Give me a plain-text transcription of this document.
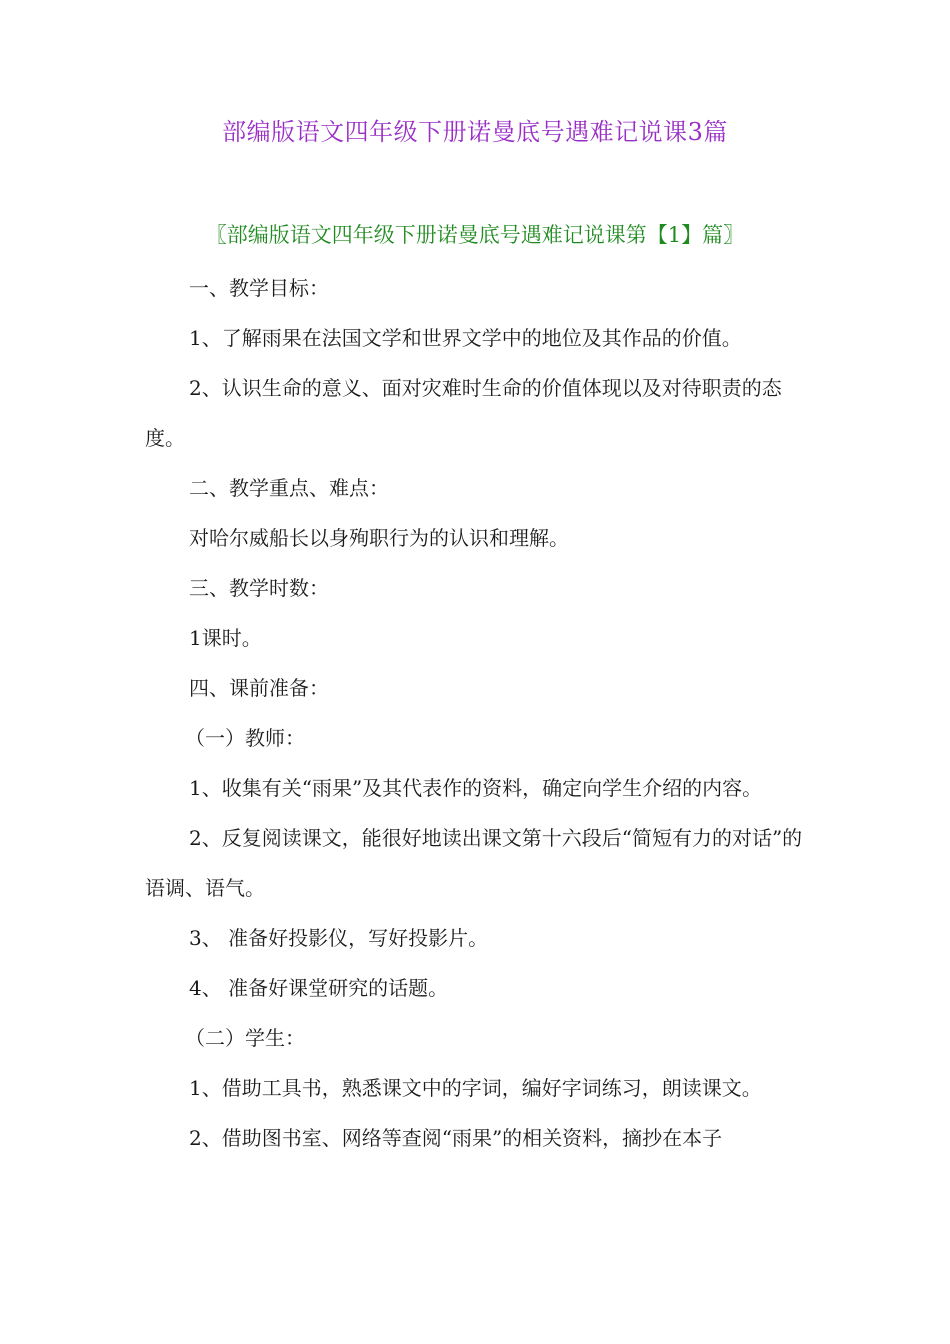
部编版语文四年级下册诺曼底号遇难记说课3篇
〖部编版语文四年级下册诺曼底号遇难记说课第【1】篇〗

一、教学目标：

1、了解雨果在法国文学和世界文学中的地位及其作品的价值。

2、认识生命的意义、面对灾难时生命的价值体现以及对待职责的态度。

二、教学重点、难点：

对哈尔威船长以身殉职行为的认识和理解。

三、教学时数：

1课时。

四、课前准备：

（一）教师：

1、收集有关“雨果”及其代表作的资料，确定向学生介绍的内容。

2、反复阅读课文，能很好地读出课文第十六段后“简短有力的对话”的语调、语气。

3、 准备好投影仪，写好投影片。

4、 准备好课堂研究的话题。

（二）学生：

1、借助工具书，熟悉课文中的字词，编好字词练习，朗读课文。

2、借助图书室、网络等查阅“雨果”的相关资料，摘抄在本子
